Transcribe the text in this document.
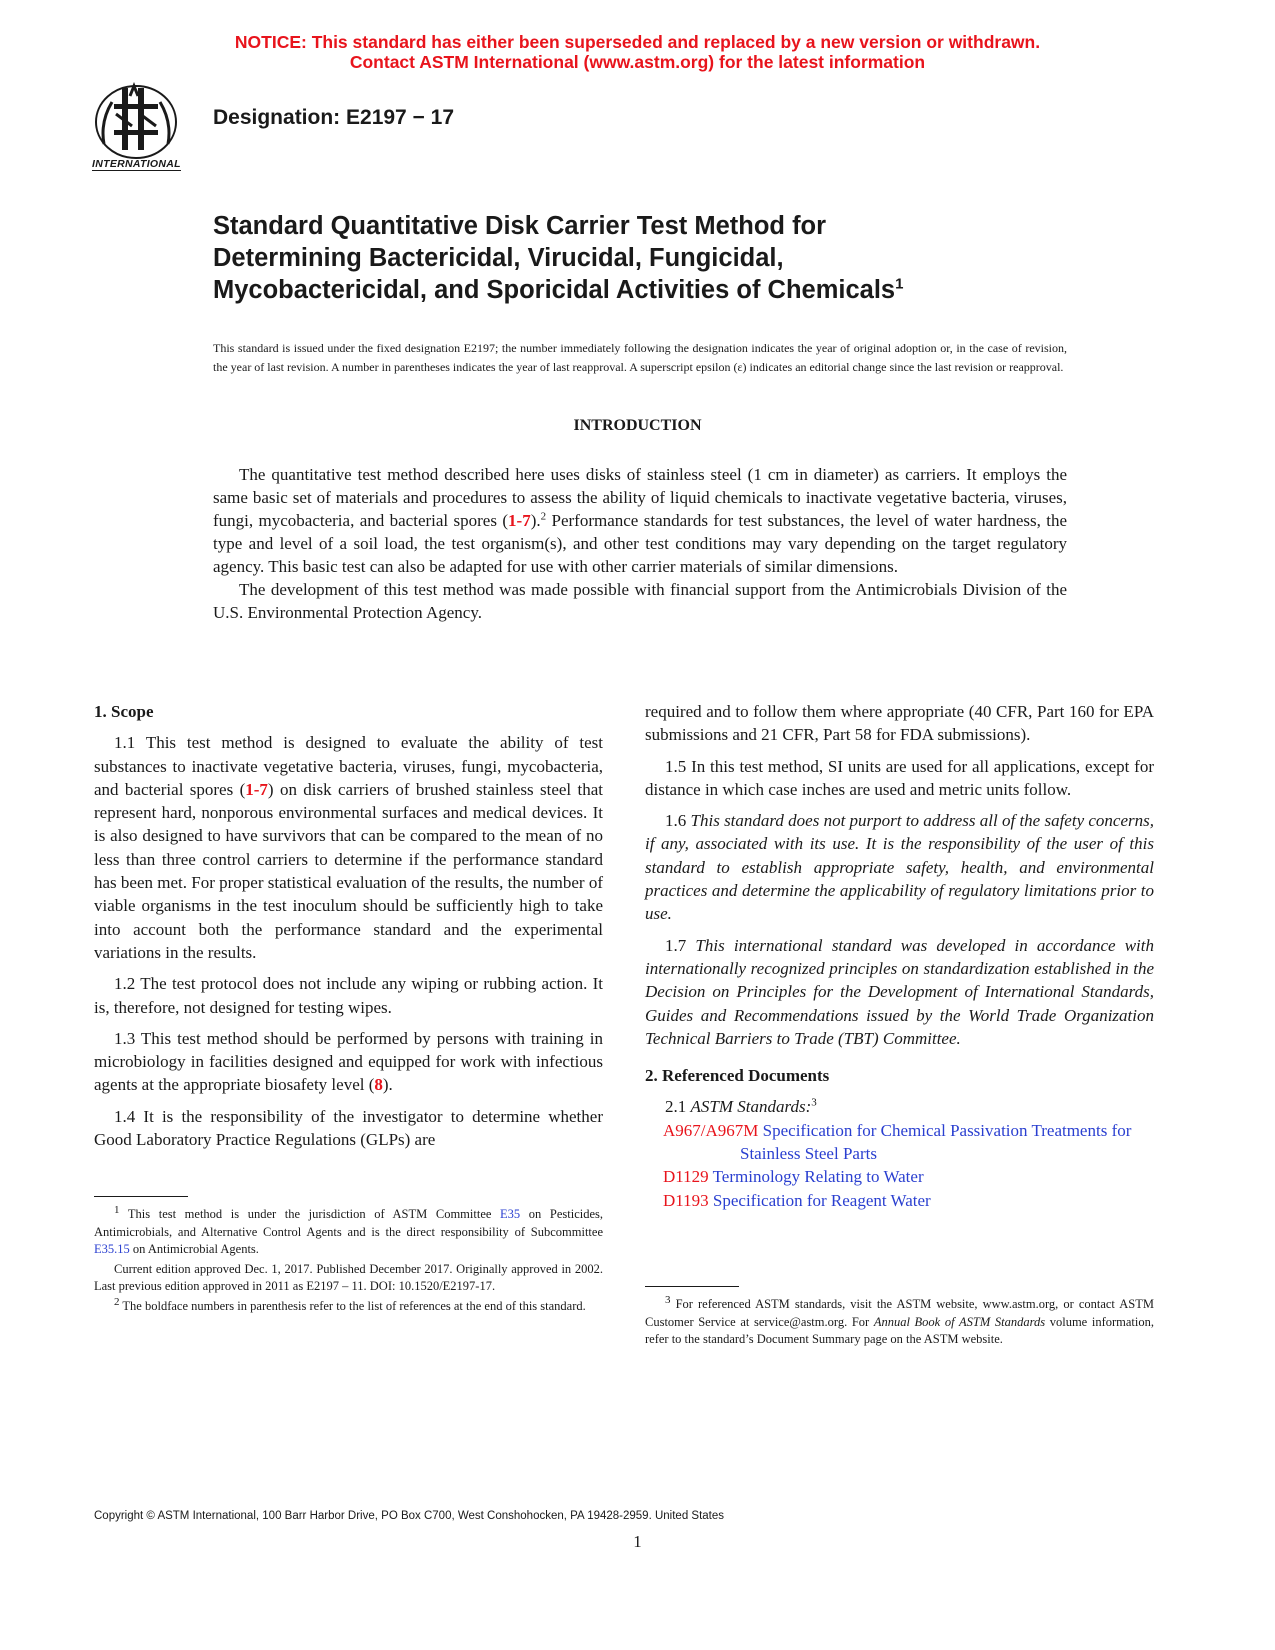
NOTICE: This standard has either been superseded and replaced by a new version or withdrawn.
Contact ASTM International (www.astm.org) for the latest information
INTERNATIONAL
Designation: E2197 − 17
Standard Quantitative Disk Carrier Test Method for
Determining Bactericidal, Virucidal, Fungicidal,
Mycobactericidal, and Sporicidal Activities of Chemicals$^1$
This standard is issued under the fixed designation E2197; the number immediately following the designation indicates the year of original adoption or, in the case of revision, the year of last revision. A number in parentheses indicates the year of last reapproval. A superscript epsilon (ε) indicates an editorial change since the last revision or reapproval.
INTRODUCTION

The quantitative test method described here uses disks of stainless steel (1 cm in diameter) as carriers. It employs the same basic set of materials and procedures to assess the ability of liquid chemicals to inactivate vegetative bacteria, viruses, fungi, mycobacteria, and bacterial spores (1-7).$^2$ Performance standards for test substances, the level of water hardness, the type and level of a soil load, the test organism(s), and other test conditions may vary depending on the target regulatory agency. This basic test can also be adapted for use with other carrier materials of similar dimensions.

The development of this test method was made possible with financial support from the Antimicrobials Division of the U.S. Environmental Protection Agency.

1. Scope

1.1 This test method is designed to evaluate the ability of test substances to inactivate vegetative bacteria, viruses, fungi, mycobacteria, and bacterial spores (1-7) on disk carriers of brushed stainless steel that represent hard, nonporous environmental surfaces and medical devices. It is also designed to have survivors that can be compared to the mean of no less than three control carriers to determine if the performance standard has been met. For proper statistical evaluation of the results, the number of viable organisms in the test inoculum should be sufficiently high to take into account both the performance standard and the experimental variations in the results.

1.2 The test protocol does not include any wiping or rubbing action. It is, therefore, not designed for testing wipes.

1.3 This test method should be performed by persons with training in microbiology in facilities designed and equipped for work with infectious agents at the appropriate biosafety level (8).

1.4 It is the responsibility of the investigator to determine whether Good Laboratory Practice Regulations (GLPs) are

$^1$ This test method is under the jurisdiction of ASTM Committee E35 on Pesticides, Antimicrobials, and Alternative Control Agents and is the direct responsibility of Subcommittee E35.15 on Antimicrobial Agents.

Current edition approved Dec. 1, 2017. Published December 2017. Originally approved in 2002. Last previous edition approved in 2011 as E2197 – 11. DOI: 10.1520/E2197-17.

$^2$ The boldface numbers in parenthesis refer to the list of references at the end of this standard.

required and to follow them where appropriate (40 CFR, Part 160 for EPA submissions and 21 CFR, Part 58 for FDA submissions).

1.5 In this test method, SI units are used for all applications, except for distance in which case inches are used and metric units follow.

1.6 This standard does not purport to address all of the safety concerns, if any, associated with its use. It is the responsibility of the user of this standard to establish appropriate safety, health, and environmental practices and determine the applicability of regulatory limitations prior to use.

1.7 This international standard was developed in accordance with internationally recognized principles on standardization established in the Decision on Principles for the Development of International Standards, Guides and Recommendations issued by the World Trade Organization Technical Barriers to Trade (TBT) Committee.

2. Referenced Documents

2.1 ASTM Standards:$^3$

A967/A967M Specification for Chemical Passivation Treatments for Stainless Steel Parts

D1129 Terminology Relating to Water

D1193 Specification for Reagent Water

$^3$ For referenced ASTM standards, visit the ASTM website, www.astm.org, or contact ASTM Customer Service at service@astm.org. For Annual Book of ASTM Standards volume information, refer to the standard’s Document Summary page on the ASTM website.

Copyright © ASTM International, 100 Barr Harbor Drive, PO Box C700, West Conshohocken, PA 19428-2959. United States
1
